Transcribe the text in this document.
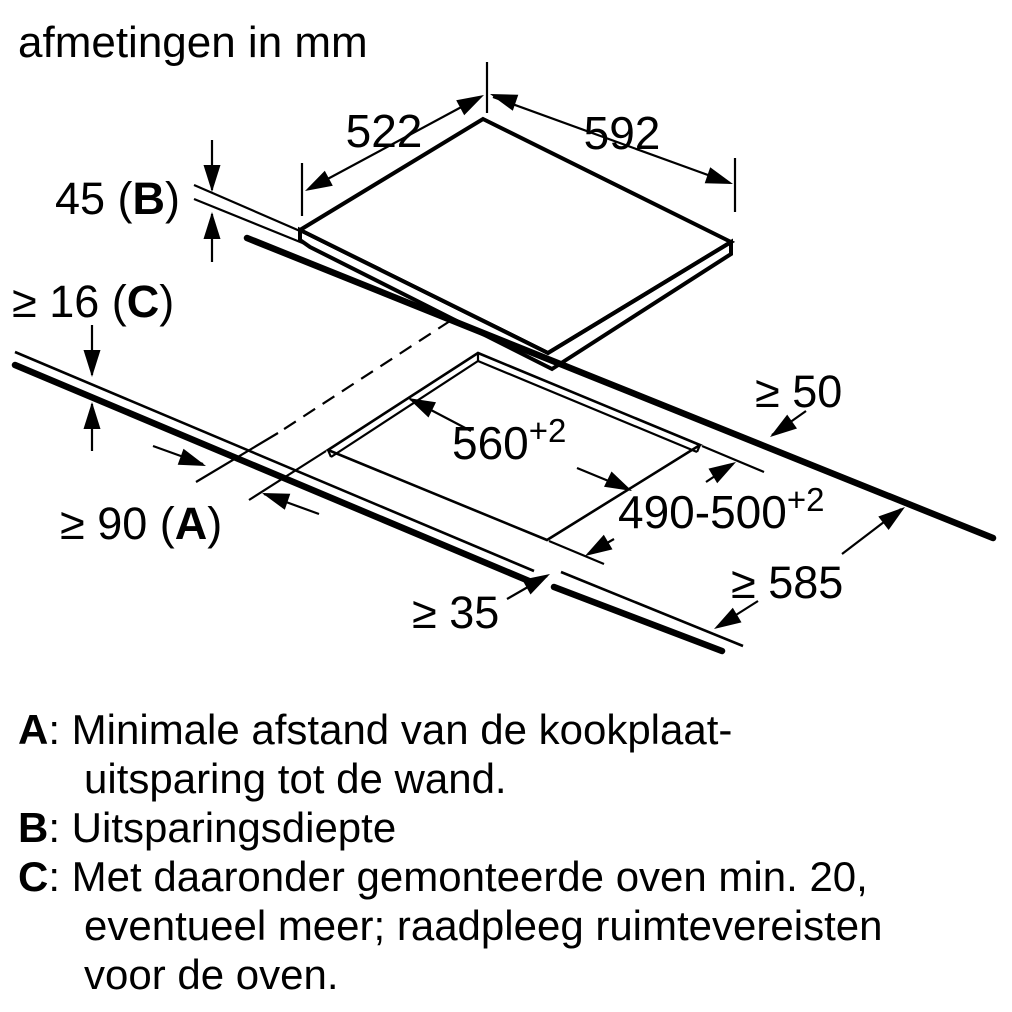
afmetingen in mm
522	592
45 (B)
≥ 16 (C)
≥ 90 (A)
$560^{+2}$
$490-500^{+2}$
≥ 50
≥ 585
≥ 35
A: Minimale afstand van de kookplaat-
uitsparing tot de wand.
B: Uitsparingsdiepte
C: Met daaronder gemonteerde oven min. 20,
eventueel meer; raadpleeg ruimtevereisten
voor de oven.
